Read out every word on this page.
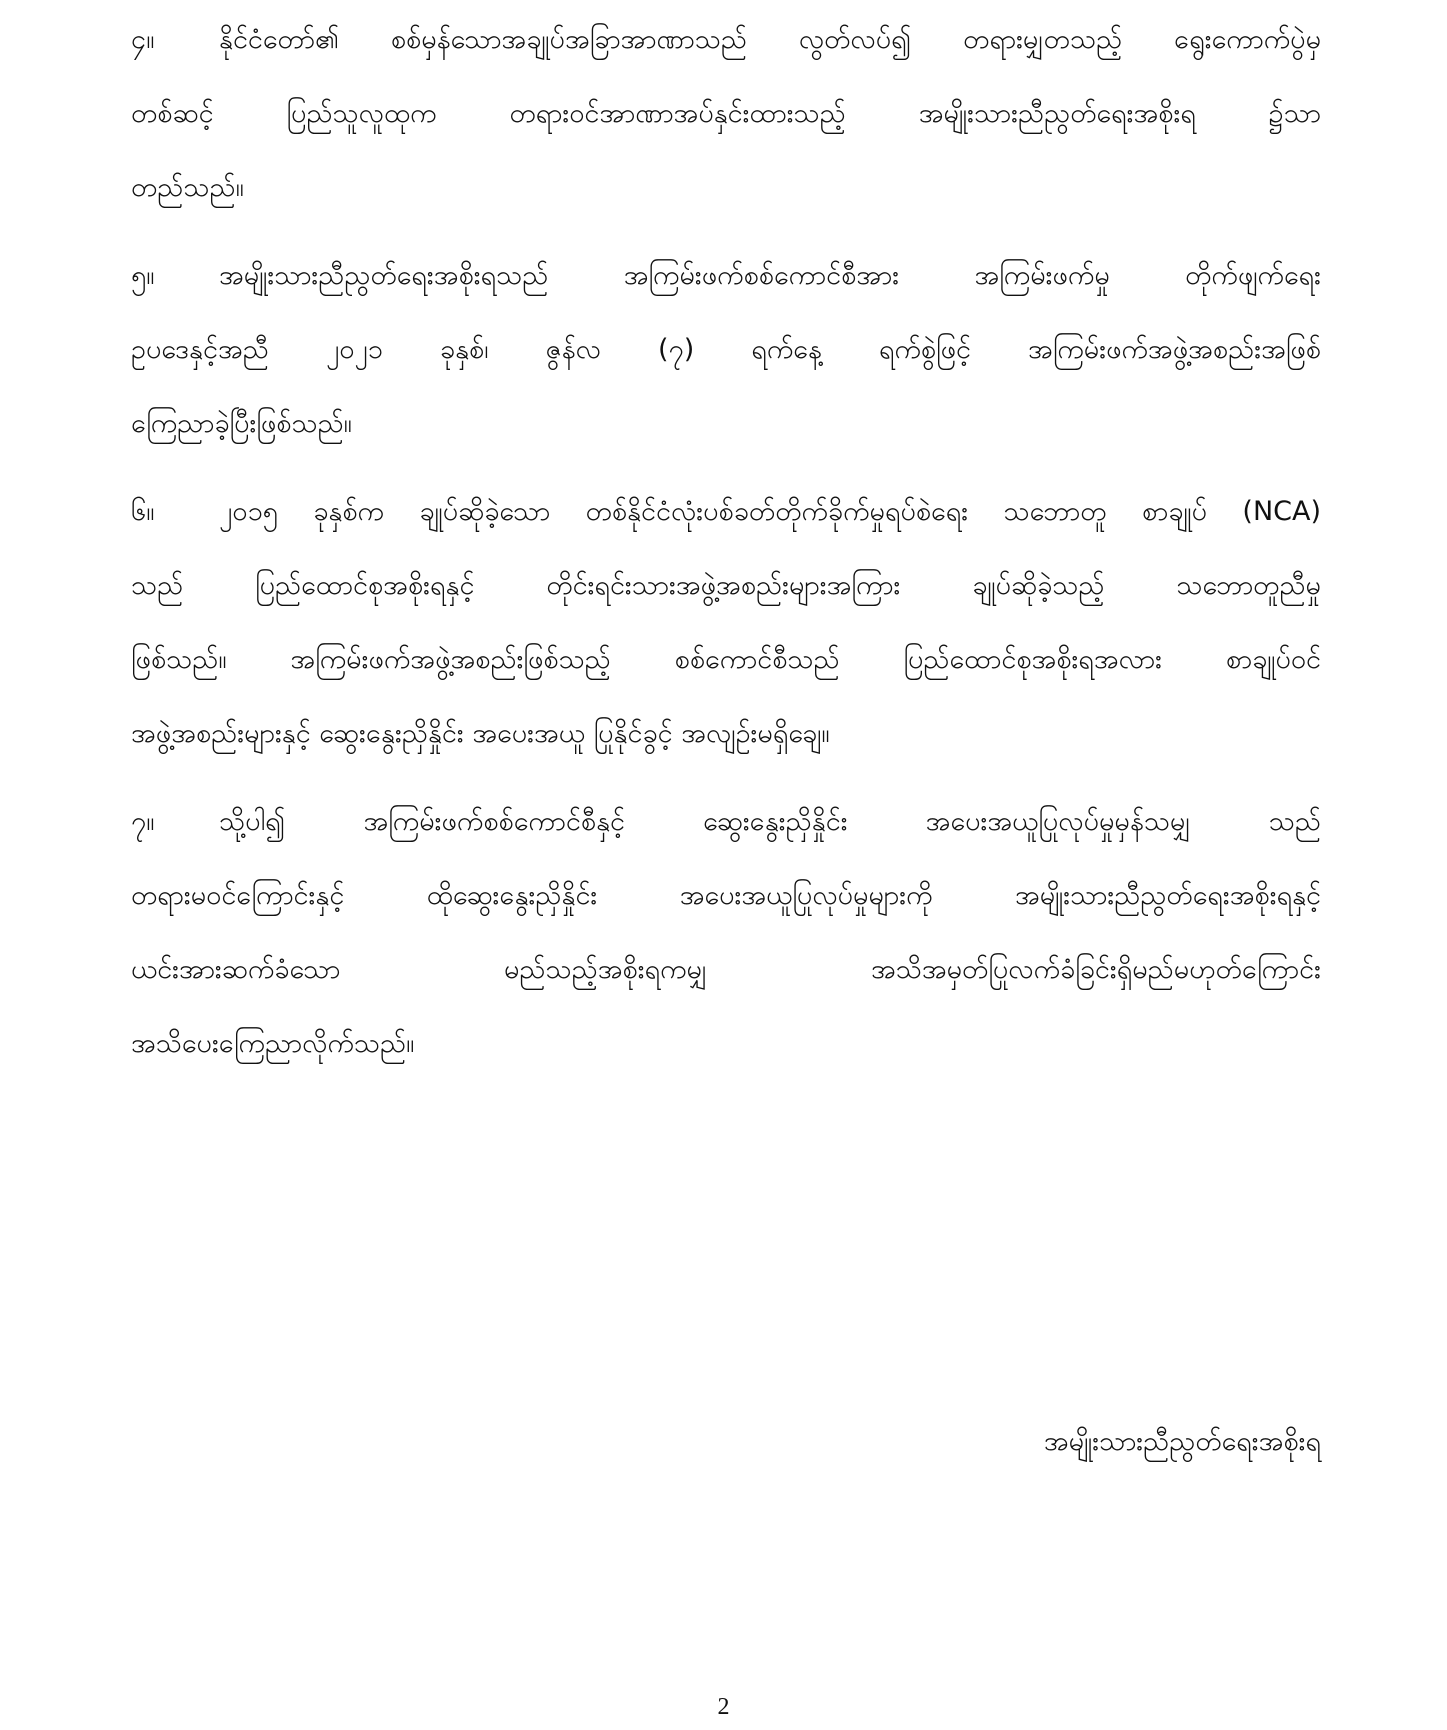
၄။ နိုင်ငံတော်၏ စစ်မှန်သောအချုပ်အခြာအာဏာသည် လွတ်လပ်၍ တရားမျှတသည့် ရွေးကောက်ပွဲမှ
တစ်ဆင့် ပြည်သူလူထုက တရားဝင်အာဏာအပ်နှင်းထားသည့် အမျိုးသားညီညွတ်ရေးအစိုးရ ၌သာ
တည်သည်။
၅။ အမျိုးသားညီညွတ်ရေးအစိုးရသည် အကြမ်းဖက်စစ်ကောင်စီအား အကြမ်းဖက်မှု တိုက်ဖျက်ရေး
ဥပဒေနှင့်အညီ ၂၀၂၁ ခုနှစ်၊ ဇွန်လ (၇) ရက်နေ့ ရက်စွဲဖြင့် အကြမ်းဖက်အဖွဲ့အစည်းအဖြစ်
ကြေညာခဲ့ပြီးဖြစ်သည်။
၆။ ၂၀၁၅ ခုနှစ်က ချုပ်ဆိုခဲ့သော တစ်နိုင်ငံလုံးပစ်ခတ်တိုက်ခိုက်မှုရပ်စဲရေး သဘောတူ စာချုပ် (NCA)
သည် ပြည်ထောင်စုအစိုးရနှင့် တိုင်းရင်းသားအဖွဲ့အစည်းများအကြား ချုပ်ဆိုခဲ့သည့် သဘောတူညီမှု
ဖြစ်သည်။ အကြမ်းဖက်အဖွဲ့အစည်းဖြစ်သည့် စစ်ကောင်စီသည် ပြည်ထောင်စုအစိုးရအလား စာချုပ်ဝင်
အဖွဲ့အစည်းများနှင့် ဆွေးနွေးညှိနှိုင်း အပေးအယူ ပြုနိုင်ခွင့် အလျဉ်းမရှိချေ။
၇။ သို့ပါ၍ အကြမ်းဖက်စစ်ကောင်စီနှင့် ဆွေးနွေးညှိနှိုင်း အပေးအယူပြုလုပ်မှုမှန်သမျှ သည်
တရားမဝင်ကြောင်းနှင့် ထိုဆွေးနွေးညှိနှိုင်း အပေးအယူပြုလုပ်မှုများကို အမျိုးသားညီညွတ်ရေးအစိုးရနှင့်
ယင်းအားဆက်ခံသော မည်သည့်အစိုးရကမျှ အသိအမှတ်ပြုလက်ခံခြင်းရှိမည်မဟုတ်ကြောင်း
အသိပေးကြေညာလိုက်သည်။
အမျိုးသားညီညွတ်ရေးအစိုးရ
2
